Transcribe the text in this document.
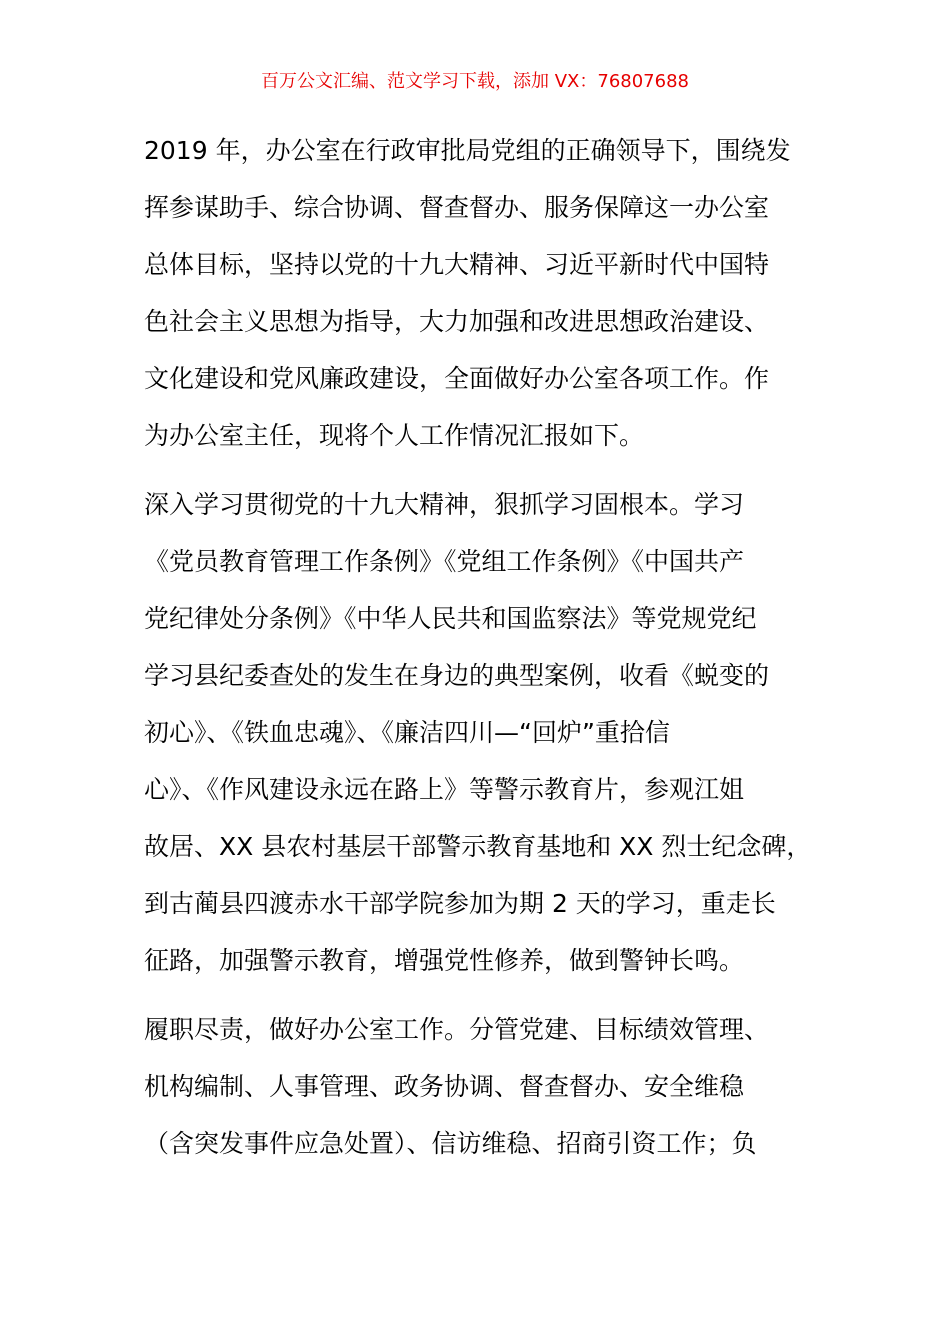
百万公文汇编、范文学习下载，添加 VX：76807688
2019 年，办公室在行政审批局党组的正确领导下，围绕发
挥参谋助手、综合协调、督查督办、服务保障这一办公室
总体目标，坚持以党的十九大精神、习近平新时代中国特
色社会主义思想为指导，大力加强和改进思想政治建设、
文化建设和党风廉政建设，全面做好办公室各项工作。作
为办公室主任，现将个人工作情况汇报如下。
深入学习贯彻党的十九大精神，狠抓学习固根本。学习
《党员教育管理工作条例》《党组工作条例》《中国共产
党纪律处分条例》《中华人民共和国监察法》等党规党纪
学习县纪委查处的发生在身边的典型案例，收看《蜕变的
初心》、《铁血忠魂》、《廉洁四川—“回炉”重拾信
心》、《作风建设永远在路上》等警示教育片，参观江姐
故居、XX 县农村基层干部警示教育基地和 XX 烈士纪念碑，
到古蔺县四渡赤水干部学院参加为期 2 天的学习，重走长
征路，加强警示教育，增强党性修养，做到警钟长鸣。
履职尽责，做好办公室工作。分管党建、目标绩效管理、
机构编制、人事管理、政务协调、督查督办、安全维稳
（含突发事件应急处置）、信访维稳、招商引资工作；负
